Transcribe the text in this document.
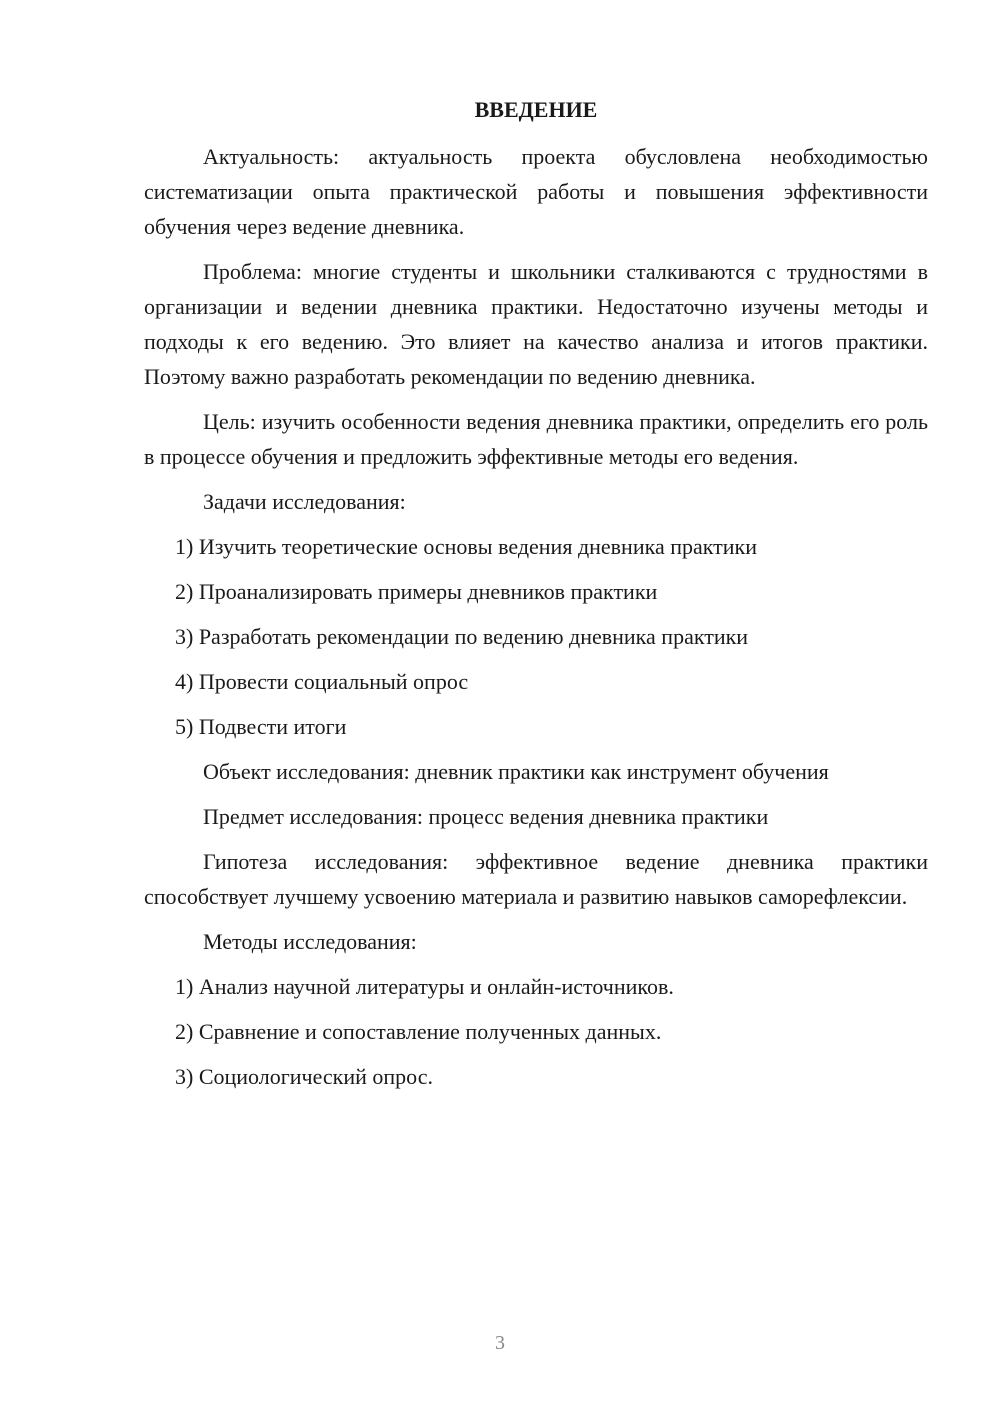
ВВЕДЕНИЕ

Актуальность: актуальность проекта обусловлена необходимостью систематизации опыта практической работы и повышения эффективности обучения через ведение дневника.

Проблема: многие студенты и школьники сталкиваются с трудностями в организации и ведении дневника практики. Недостаточно изучены методы и подходы к его ведению. Это влияет на качество анализа и итогов практики. Поэтому важно разработать рекомендации по ведению дневника.

Цель: изучить особенности ведения дневника практики, определить его роль в процессе обучения и предложить эффективные методы его ведения.

Задачи исследования:

1) Изучить теоретические основы ведения дневника практики
2) Проанализировать примеры дневников практики
3) Разработать рекомендации по ведению дневника практики
4) Провести социальный опрос
5) Подвести итоги

Объект исследования: дневник практики как инструмент обучения

Предмет исследования: процесс ведения дневника практики

Гипотеза исследования: эффективное ведение дневника практики способствует лучшему усвоению материала и развитию навыков саморефлексии.

Методы исследования:

1) Анализ научной литературы и онлайн-источников.
2) Сравнение и сопоставление полученных данных.
3) Социологический опрос.
3
